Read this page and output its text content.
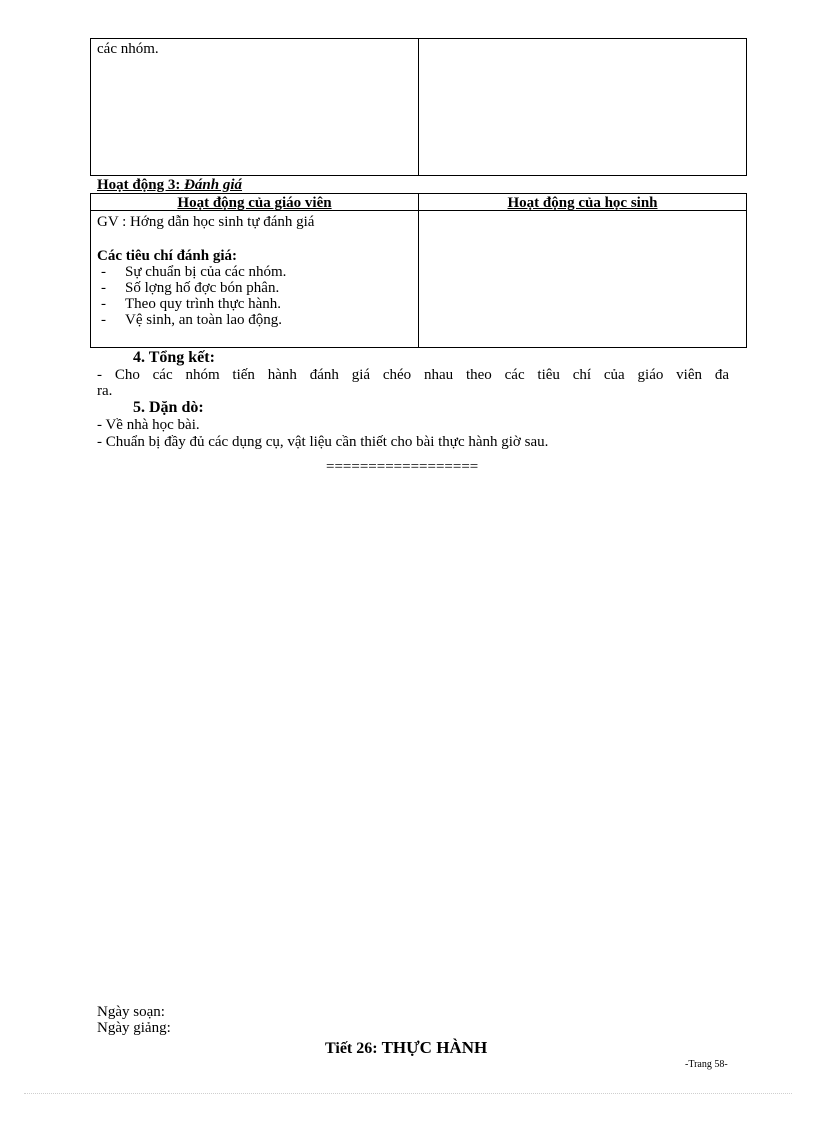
các nhóm.
Hoạt động 3: Đánh giá
Hoạt động của giáo viên	Hoạt động của học sinh
GV : Hớng dẫn học sinh tự đánh giá
Các tiêu chí đánh giá:
- Sự chuẩn bị của các nhóm.
- Số lợng hố đợc bón phân.
- Theo quy trình thực hành.
- Vệ sinh, an toàn lao động.
4. Tổng kết:
- Cho các nhóm tiến hành đánh giá chéo nhau theo các tiêu chí của giáo viên đa
ra.
5. Dặn dò:
- Về nhà học bài.
- Chuẩn bị đầy đủ các dụng cụ, vật liệu cần thiết cho bài thực hành giờ sau.
==================
Ngày soạn:
Ngày giảng:
Tiết 26: THỰC HÀNH
-Trang 58-
